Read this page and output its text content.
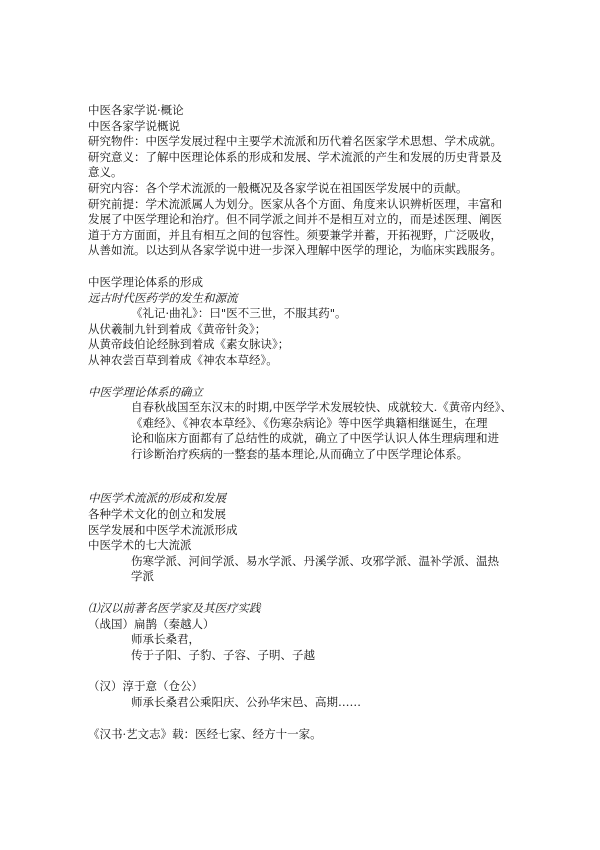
中医各家学说·概论

中医各家学说概说

研究物件：中医学发展过程中主要学术流派和历代着名医家学术思想、学术成就。

研究意义：了解中医理论体系的形成和发展、学术流派的产生和发展的历史背景及

意义。

研究内容：各个学术流派的一般概况及各家学说在祖国医学发展中的贡献。

研究前提：学术流派属人为划分。医家从各个方面、角度来认识辨析医理，丰富和

发展了中医学理论和治疗。但不同学派之间并不是相互对立的，而是述医理、阐医

道于方方面面，并且有相互之间的包容性。须要兼学并蓄，开拓视野，广泛吸收，

从善如流。以达到从各家学说中进一步深入理解中医学的理论，为临床实践服务。

中医学理论体系的形成

远古时代医药学的发生和源流

《礼记·曲礼》：曰"医不三世，不服其药"。

从伏羲制九针到着成《黄帝针灸》；

从黄帝歧伯论经脉到着成《素女脉诀》；

从神农尝百草到着成《神农本草经》。

中医学理论体系的确立

自春秋战国至东汉末的时期,中医学学术发展较快、成就较大.《黄帝内经》、

《难经》、《神农本草经》、《伤寒杂病论》等中医学典籍相继诞生，在理

论和临床方面都有了总结性的成就，确立了中医学认识人体生理病理和进

行诊断治疗疾病的一整套的基本理论,从而确立了中医学理论体系。

中医学术流派的形成和发展

各种学术文化的创立和发展

医学发展和中医学术流派形成

中医学术的七大流派

伤寒学派、河间学派、易水学派、丹溪学派、攻邪学派、温补学派、温热

学派

⑴汉以前著名医学家及其医疗实践

（战国）扁鹊（秦越人）

师承长桑君，

传于子阳、子豹、子容、子明、子越

（汉）淳于意（仓公）

师承长桑君公乘阳庆、公孙华宋邑、高期……

《汉书·艺文志》载：医经七家、经方十一家。
